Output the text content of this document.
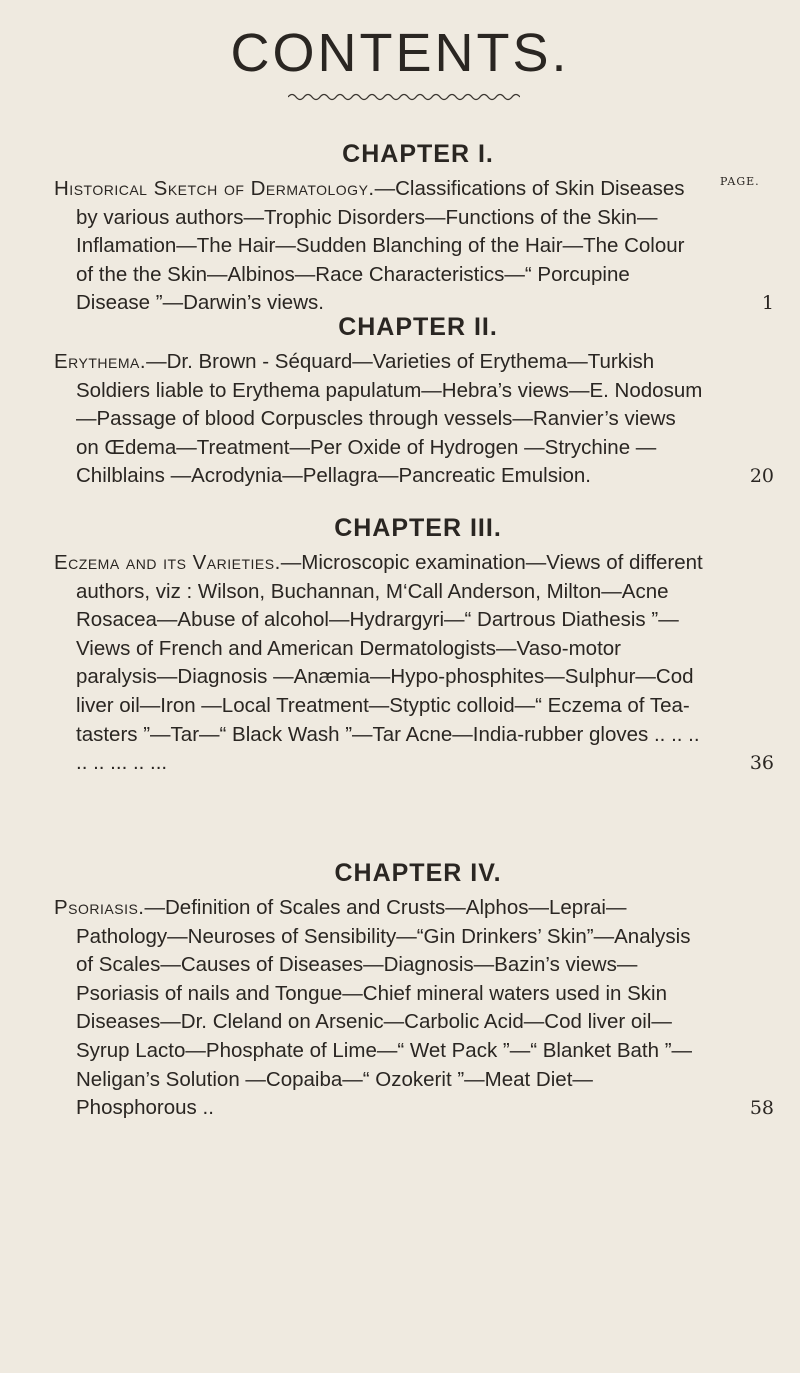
CONTENTS.
PAGE.
CHAPTER I.

Historical Sketch of Dermatology.—Classifications of Skin Diseases by various authors—Trophic Disorders—Functions of the Skin—Inflamation—The Hair—Sudden Blanching of the Hair—The Colour of the the Skin—Albinos—Race Characteristics—“ Porcupine Disease ”—Darwin’s views.	1

CHAPTER II.

Erythema.—Dr. Brown - Séquard—Varieties of Erythema—Turkish Soldiers liable to Erythema papulatum—Hebra’s views—E. Nodosum—Passage of blood Corpuscles through vessels—Ranvier’s views on Œdema—Treatment—Per Oxide of Hydrogen —Strychine —Chilblains —Acrodynia—Pellagra—Pancreatic Emulsion.	20

CHAPTER III.

Eczema and its Varieties.—Microscopic examination—Views of different authors, viz : Wilson, Buchannan, M‘Call Anderson, Milton—Acne Rosacea—Abuse of alcohol—Hydrargyri—“ Dartrous Diathesis ”—Views of French and American Dermatologists—Vaso-motor paralysis—Diagnosis —Anæmia—Hypo-phosphites—Sulphur—Cod liver oil—Iron —Local Treatment—Styptic colloid—“ Eczema of Tea-tasters ”—Tar—“ Black Wash ”—Tar Acne—India-rubber gloves .. .. .. .. .. ... .. ...	36

CHAPTER IV.

Psoriasis.—Definition of Scales and Crusts—Alphos—Leprai—Pathology—Neuroses of Sensibility—“Gin Drinkers’ Skin”—Analysis of Scales—Causes of Diseases—Diagnosis—Bazin’s views—Psoriasis of nails and Tongue—Chief mineral waters used in Skin Diseases—Dr. Cleland on Arsenic—Carbolic Acid—Cod liver oil—Syrup Lacto—Phosphate of Lime—“ Wet Pack ”—“ Blanket Bath ”—Neligan’s Solution —Copaiba—“ Ozokerit ”—Meat Diet—Phosphorous ..	58
